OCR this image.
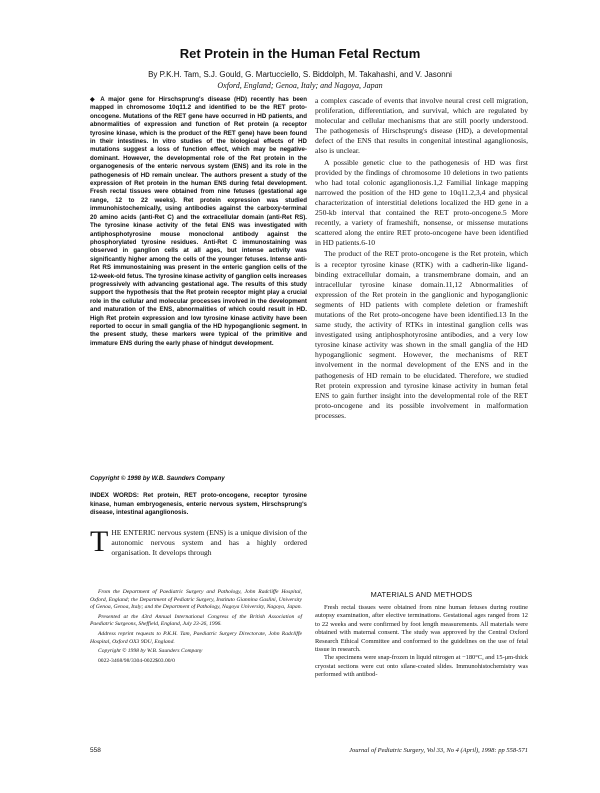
Ret Protein in the Human Fetal Rectum
By P.K.H. Tam, S.J. Gould, G. Martucciello, S. Biddolph, M. Takahashi, and V. Jasonni
Oxford, England; Genoa, Italy; and Nagoya, Japan

◆ A major gene for Hirschsprung's disease (HD) recently has been mapped in chromosome 10q11.2 and identified to be the RET proto-oncogene. Mutations of the RET gene have occurred in HD patients, and abnormalities of expression and function of Ret protein (a receptor tyrosine kinase, which is the product of the RET gene) have been found in their intestines. In vitro studies of the biological effects of HD mutations suggest a loss of function effect, which may be negative-dominant. However, the developmental role of the Ret protein in the organogenesis of the enteric nervous system (ENS) and its role in the pathogenesis of HD remain unclear. The authors present a study of the expression of Ret protein in the human ENS during fetal development. Fresh rectal tissues were obtained from nine fetuses (gestational age range, 12 to 22 weeks). Ret protein expression was studied immunohistochemically, using antibodies against the carboxy-terminal 20 amino acids (anti-Ret C) and the extracellular domain (anti-Ret RS). The tyrosine kinase activity of the fetal ENS was investigated with antiphosphotyrosine mouse monoclonal antibody against the phosphorylated tyrosine residues. Anti-Ret C immunostaining was observed in ganglion cells at all ages, but intense activity was significantly higher among the cells of the younger fetuses. Intense anti-Ret RS immunostaining was present in the enteric ganglion cells of the 12-week-old fetus. The tyrosine kinase activity of ganglion cells increases progressively with advancing gestational age. The results of this study support the hypothesis that the Ret protein receptor might play a crucial role in the cellular and molecular processes involved in the development and maturation of the ENS, abnormalities of which could result in HD. High Ret protein expression and low tyrosine kinase activity have been reported to occur in small ganglia of the HD hypoganglionic segment. In the present study, these markers were typical of the primitive and immature ENS during the early phase of hindgut development.

Copyright © 1998 by W.B. Saunders Company

INDEX WORDS: Ret protein, RET proto-oncogene, receptor tyrosine kinase, human embryogenesis, enteric nervous system, Hirschsprung's disease, intestinal aganglionosis.

THE ENTERIC nervous system (ENS) is a unique division of the autonomic nervous system and has a highly ordered organisation. It develops through

From the Department of Paediatric Surgery and Pathology, John Radcliffe Hospital, Oxford, England; the Department of Pediatric Surgery, Instituto Giannina Gaslini, University of Genoa, Genoa, Italy; and the Department of Pathology, Nagoya University, Nagoya, Japan.

Presented at the 43rd Annual International Congress of the British Association of Paediatric Surgeons, Sheffield, England, July 23-26, 1996.

Address reprint requests to P.K.H. Tam, Paediatric Surgery Directorate, John Radcliffe Hospital, Oxford OX3 9DU, England.

Copyright © 1998 by W.B. Saunders Company

0022-3468/98/3304-0022$03.00/0

a complex cascade of events that involve neural crest cell migration, proliferation, differentiation, and survival, which are regulated by molecular and cellular mechanisms that are still poorly understood. The pathogenesis of Hirschsprung's disease (HD), a developmental defect of the ENS that results in congenital intestinal aganglionosis, also is unclear.

A possible genetic clue to the pathogenesis of HD was first provided by the findings of chromosome 10 deletions in two patients who had total colonic aganglionosis.1,2 Familial linkage mapping narrowed the position of the HD gene to 10q11.2,3,4 and physical characterization of interstitial deletions localized the HD gene in a 250-kb interval that contained the RET proto-oncogene.5 More recently, a variety of frameshift, nonsense, or missense mutations scattered along the entire RET proto-oncogene have been identified in HD patients.6-10

The product of the RET proto-oncogene is the Ret protein, which is a receptor tyrosine kinase (RTK) with a cadherin-like ligand-binding extracellular domain, a transmembrane domain, and an intracellular tyrosine kinase domain.11,12 Abnormalities of expression of the Ret protein in the ganglionic and hypoganglionic segments of HD patients with complete deletion or frameshift mutations of the Ret proto-oncogene have been identified.13 In the same study, the activity of RTKs in intestinal ganglion cells was investigated using antiphosphotyrosine antibodies, and a very low tyrosine kinase activity was shown in the small ganglia of the HD hypoganglionic segment. However, the mechanisms of RET involvement in the normal development of the ENS and in the pathogenesis of HD remain to be elucidated. Therefore, we studied Ret protein expression and tyrosine kinase activity in human fetal ENS to gain further insight into the developmental role of the RET proto-oncogene and its possible involvement in malformation processes.

MATERIALS AND METHODS

Fresh rectal tissues were obtained from nine human fetuses during routine autopsy examination, after elective terminations. Gestational ages ranged from 12 to 22 weeks and were confirmed by foot length measurements. All materials were obtained with maternal consent. The study was approved by the Central Oxford Research Ethical Committee and conformed to the guidelines on the use of fetal tissue in research.

The specimens were snap-frozen in liquid nitrogen at −180°C, and 15-μm-thick cryostat sections were cut onto silane-coated slides. Immunohistochemistry was performed with antibod-

558	Journal of Pediatric Surgery, Vol 33, No 4 (April), 1998: pp 558-571
